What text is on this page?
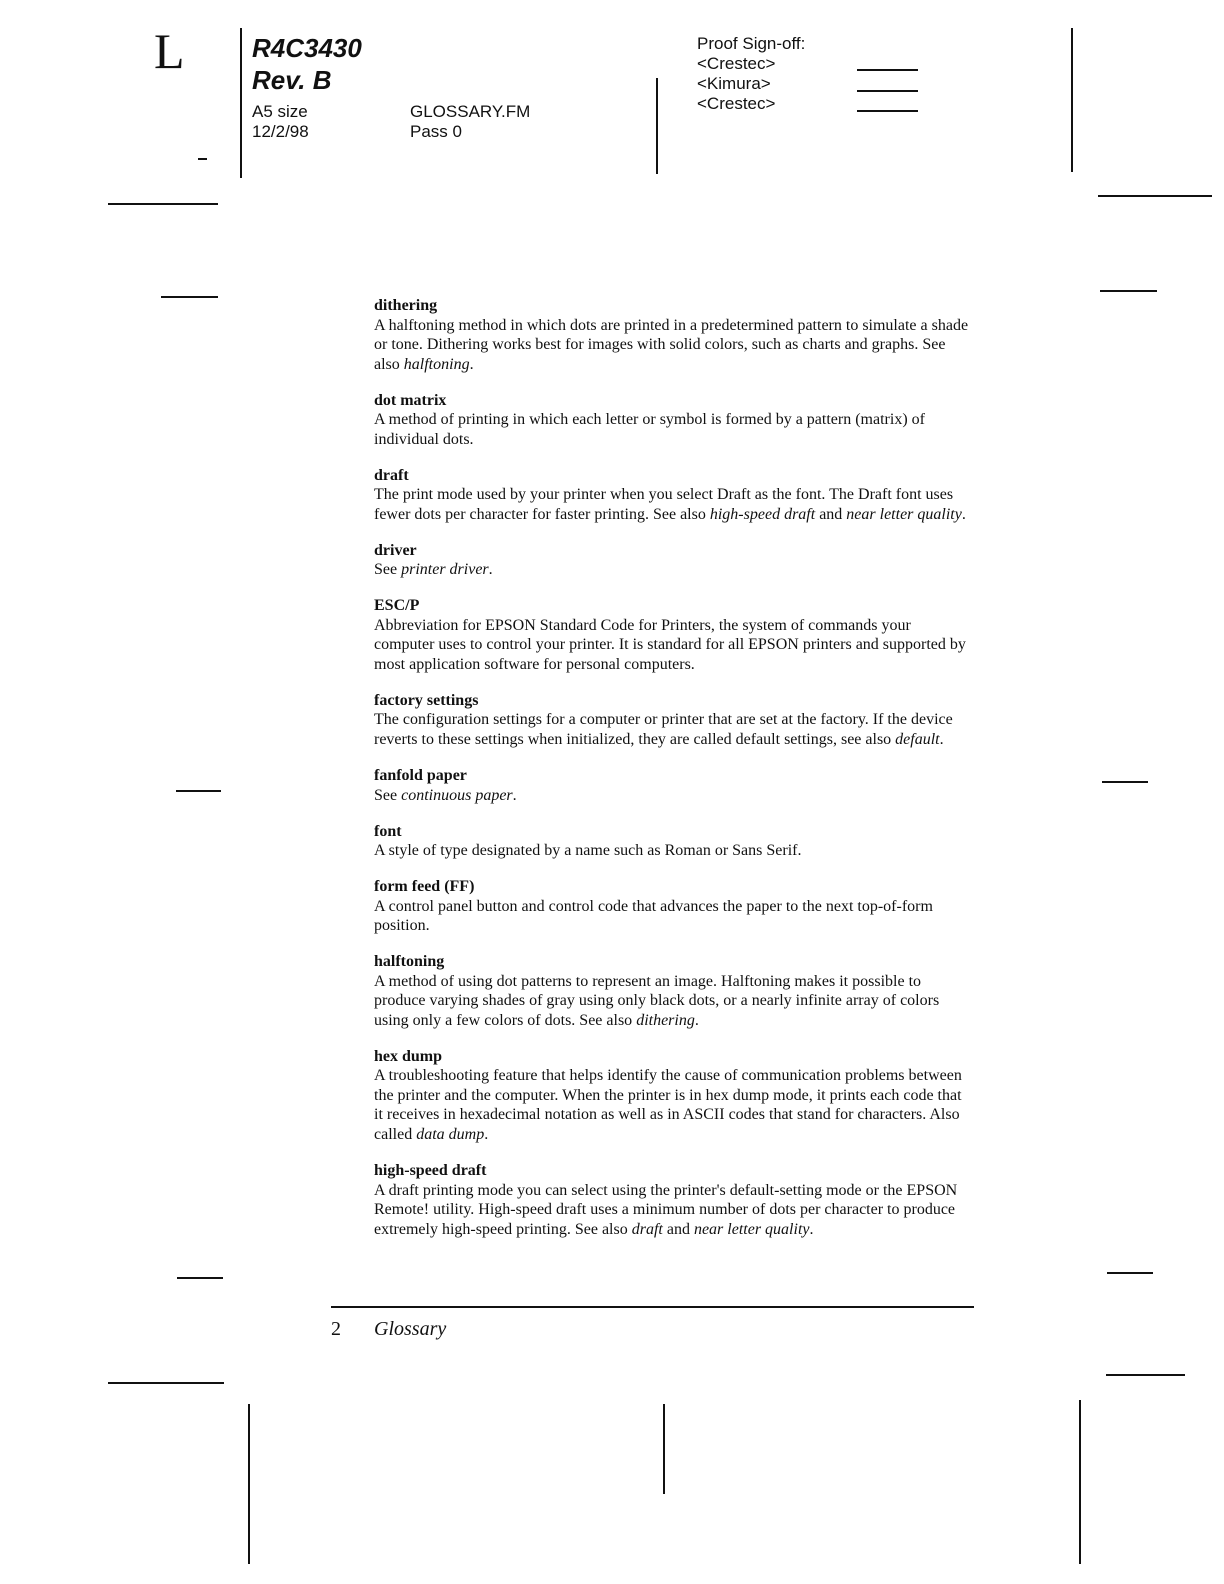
L	R4C3430
Rev. B
A5 size
12/2/98
GLOSSARY.FM
Pass 0
Proof Sign-off:
<Crestec>
<Kimura>
<Crestec>
dithering
A halftoning method in which dots are printed in a predetermined pattern to simulate a shade or tone. Dithering works best for images with solid colors, such as charts and graphs. See also halftoning.
dot matrix
A method of printing in which each letter or symbol is formed by a pattern (matrix) of individual dots.
draft
The print mode used by your printer when you select Draft as the font. The Draft font uses fewer dots per character for faster printing. See also high-speed draft and near letter quality.
driver
See printer driver.
ESC/P
Abbreviation for EPSON Standard Code for Printers, the system of commands your computer uses to control your printer. It is standard for all EPSON printers and supported by most application software for personal computers.
factory settings
The configuration settings for a computer or printer that are set at the factory. If the device reverts to these settings when initialized, they are called default settings, see also default.
fanfold paper
See continuous paper.
font
A style of type designated by a name such as Roman or Sans Serif.
form feed (FF)
A control panel button and control code that advances the paper to the next top-of-form position.
halftoning
A method of using dot patterns to represent an image. Halftoning makes it possible to produce varying shades of gray using only black dots, or a nearly infinite array of colors using only a few colors of dots. See also dithering.
hex dump
A troubleshooting feature that helps identify the cause of communication problems between the printer and the computer. When the printer is in hex dump mode, it prints each code that it receives in hexadecimal notation as well as in ASCII codes that stand for characters. Also called data dump.
high-speed draft
A draft printing mode you can select using the printer's default-setting mode or the EPSON Remote! utility. High-speed draft uses a minimum number of dots per character to produce extremely high-speed printing. See also draft and near letter quality.
2 Glossary
